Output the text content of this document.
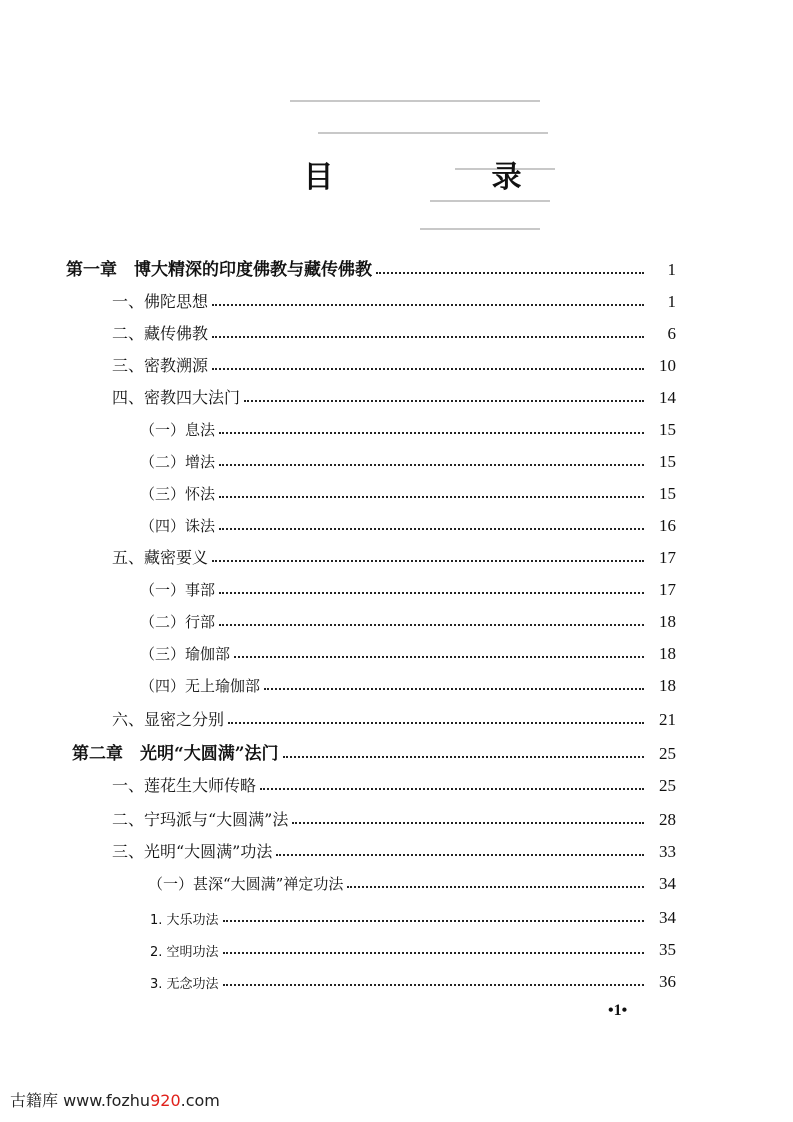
目　录
第一章　博大精深的印度佛教与藏传佛教	1
一、佛陀思想	1
二、藏传佛教	6
三、密教溯源	10
四、密教四大法门	14
（一）息法	15
（二）增法	15
（三）怀法	15
（四）诛法	16
五、藏密要义	17
（一）事部	17
（二）行部	18
（三）瑜伽部	18
（四）无上瑜伽部	18
六、显密之分别	21
第二章　光明“大圆满”法门	25
一、莲花生大师传略	25
二、宁玛派与“大圆满”法	28
三、光明“大圆满”功法	33
（一）甚深“大圆满”禅定功法	34
1. 大乐功法	34
2. 空明功法	35
3. 无念功法	36
•1•
古籍库 www.fozhu920.com
